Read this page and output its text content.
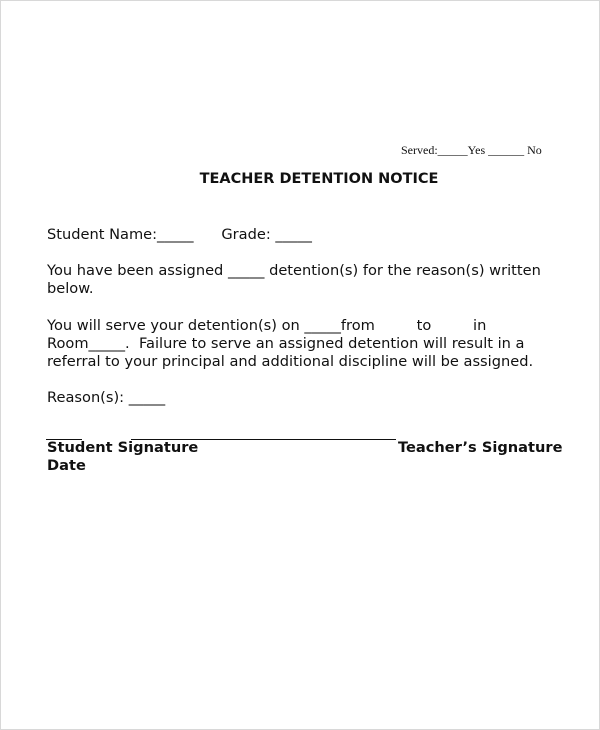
Served:_____Yes ______ No
TEACHER DETENTION NOTICE
Student Name:_____      Grade: _____
You have been assigned _____ detention(s) for the reason(s) written below.
You will serve your detention(s) on _____from         to         in
Room_____.  Failure to serve an assigned detention will result in a
referral to your principal and additional discipline will be assigned.
Reason(s): _____
Student Signature	Teacher’s Signature
Date
